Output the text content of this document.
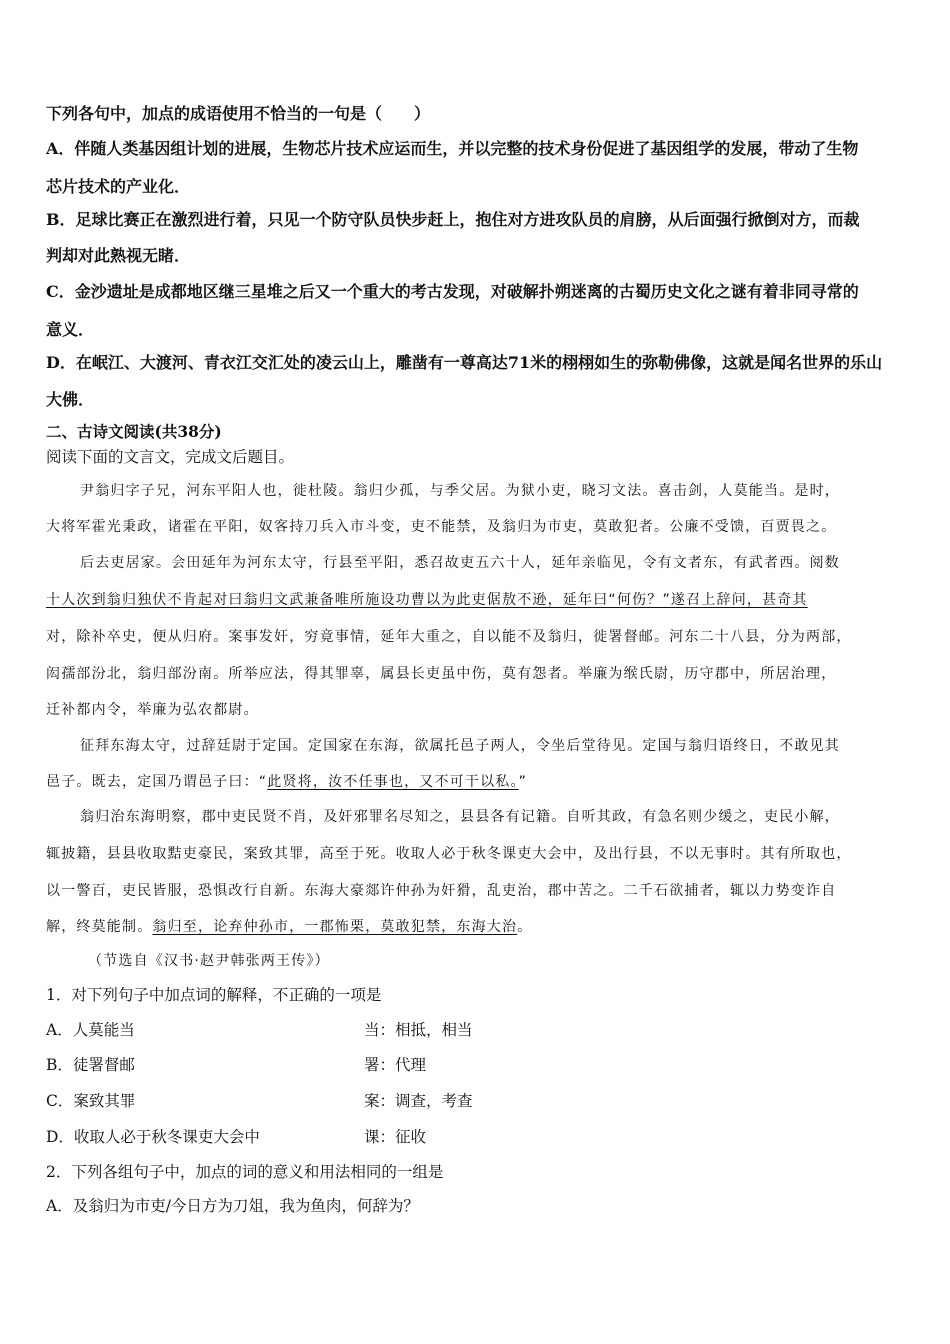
下列各句中，加点的成语使用不恰当的一句是（　　）
A．伴随人类基因组计划的进展，生物芯片技术应运而生，并以完整的技术身份促进了基因组学的发展，带动了生物
芯片技术的产业化．
B．足球比赛正在激烈进行着，只见一个防守队员快步赶上，抱住对方进攻队员的肩膀，从后面强行掀倒对方，而裁
判却对此熟视无睹．
C．金沙遗址是成都地区继三星堆之后又一个重大的考古发现，对破解扑朔迷离的古蜀历史文化之谜有着非同寻常的
意义．
D．在岷江、大渡河、青衣江交汇处的凌云山上，雕凿有一尊高达71米的栩栩如生的弥勒佛像，这就是闻名世界的乐山
大佛．
二、古诗文阅读(共38分)
阅读下面的文言文，完成文后题目。
尹翁归字子兄，河东平阳人也，徙杜陵。翁归少孤，与季父居。为狱小吏，晓习文法。喜击剑，人莫能当。是时，
大将军霍光秉政，诸霍在平阳，奴客持刀兵入市斗变，吏不能禁，及翁归为市吏，莫敢犯者。公廉不受馈，百贾畏之。
后去吏居家。会田延年为河东太守，行县至平阳，悉召故吏五六十人，延年亲临见，令有文者东，有武者西。阅数
十人次到翁归独伏不肯起对曰翁归文武兼备唯所施设功曹以为此吏倨敖不逊，延年曰“何伤？”遂召上辞问，甚奇其
对，除补卒史，便从归府。案事发奸，穷竟事情，延年大重之，自以能不及翁归，徙署督邮。河东二十八县，分为两部，
闳孺部汾北，翁归部汾南。所举应法，得其罪辜，属县长吏虽中伤，莫有怨者。举廉为缑氏尉，历守郡中，所居治理，
迁补都内令，举廉为弘农都尉。
征拜东海太守，过辞廷尉于定国。定国家在东海，欲属托邑子两人，令坐后堂待见。定国与翁归语终日，不敢见其
邑子。既去，定国乃谓邑子曰：“此贤将，汝不任事也，又不可干以私。”
翁归治东海明察，郡中吏民贤不肖，及奸邪罪名尽知之，县县各有记籍。自听其政，有急名则少缓之，吏民小解，
辄披籍，县县收取黠吏豪民，案致其罪，高至于死。收取人必于秋冬课吏大会中，及出行县，不以无事时。其有所取也，
以一警百，吏民皆服，恐惧改行自新。东海大豪郯许仲孙为奸猾，乱吏治，郡中苦之。二千石欲捕者，辄以力势变诈自
解，终莫能制。翁归至，论弃仲孙市，一郡怖栗，莫敢犯禁，东海大治。
（节选自《汉书·赵尹韩张两王传》）
1．对下列句子中加点词的解释，不正确的一项是
A．人莫能当	当：相抵，相当
B．徒署督邮	署：代理
C．案致其罪	案：调查，考查
D．收取人必于秋冬课吏大会中	课：征收
2．下列各组句子中，加点的词的意义和用法相同的一组是
A．及翁归为市吏/今日方为刀俎，我为鱼肉，何辞为？
